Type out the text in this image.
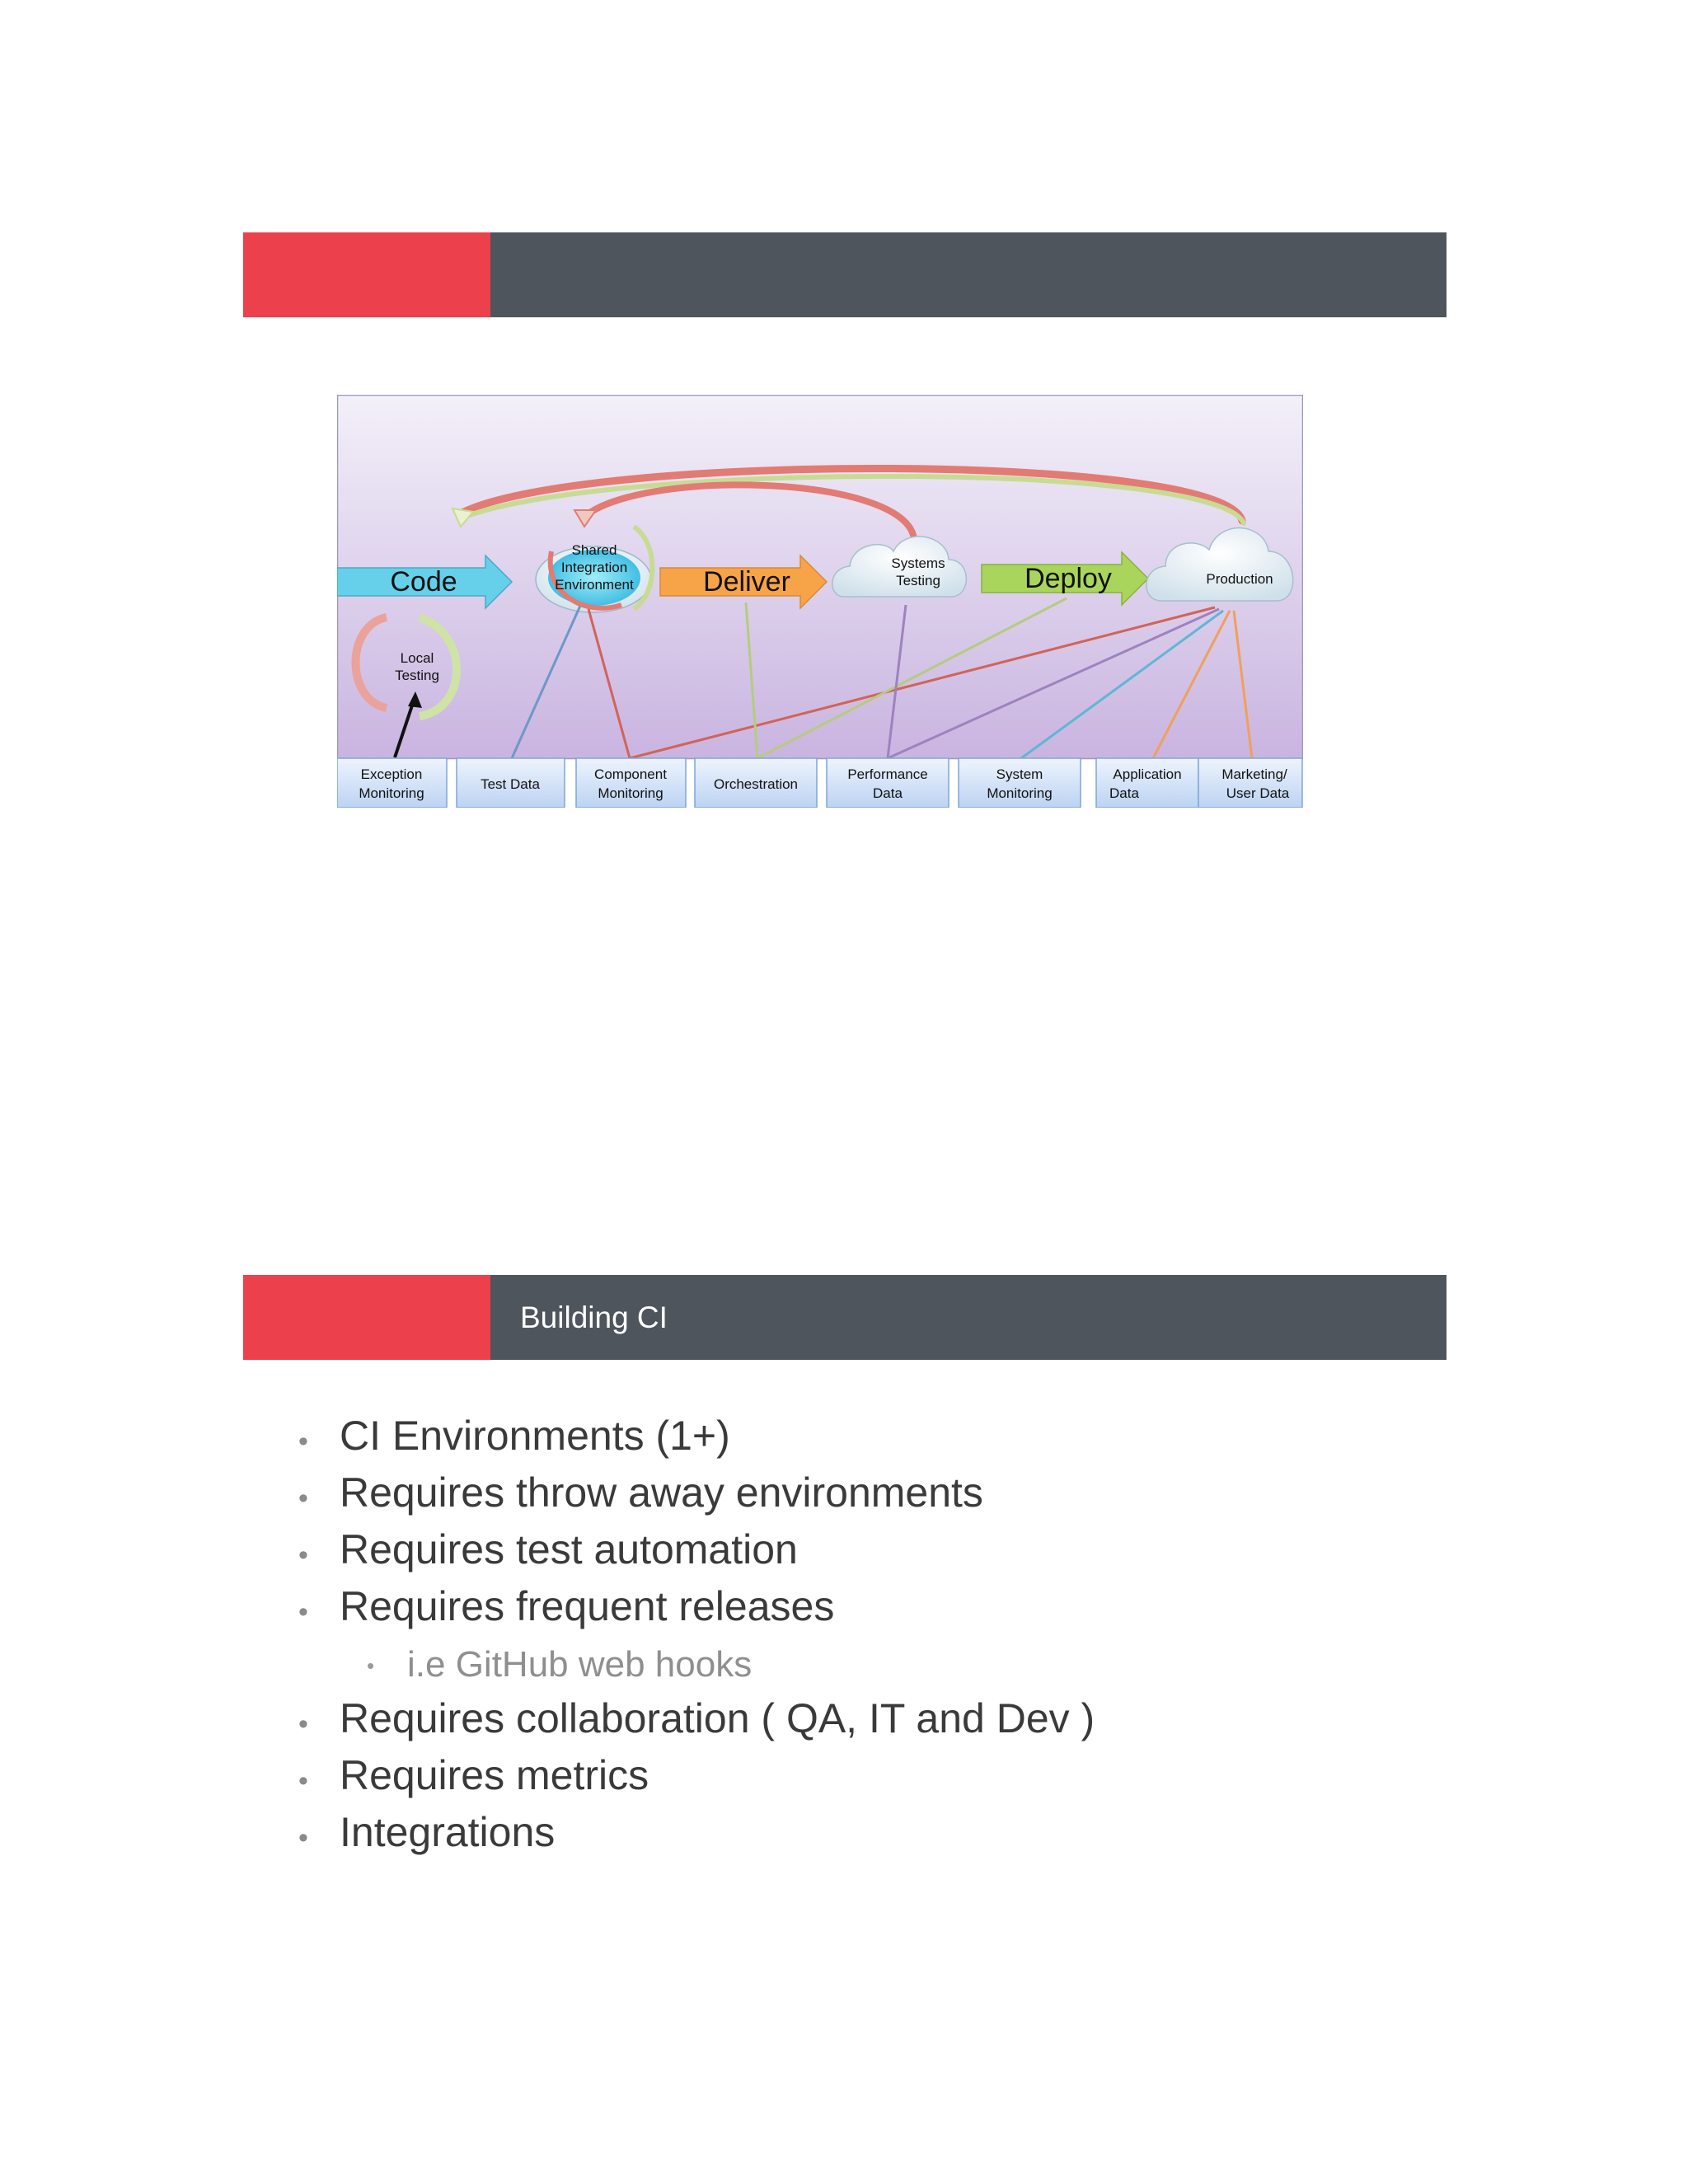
Code
Shared
Integration
Environment Deliver
Systems
Testing	Deploy	Production
Local
Testing
Exception
Monitoring
Test Data
Component
Monitoring
Orchestration
Performance
Data
System
Monitoring
Application
Data
Marketing/
User Data
Building CI
• CI Environments (1+)
• Requires throw away environments
• Requires test automation
• Requires frequent releases
• i.e GitHub web hooks
• Requires collaboration ( QA, IT and Dev )
• Requires metrics
• Integrations
